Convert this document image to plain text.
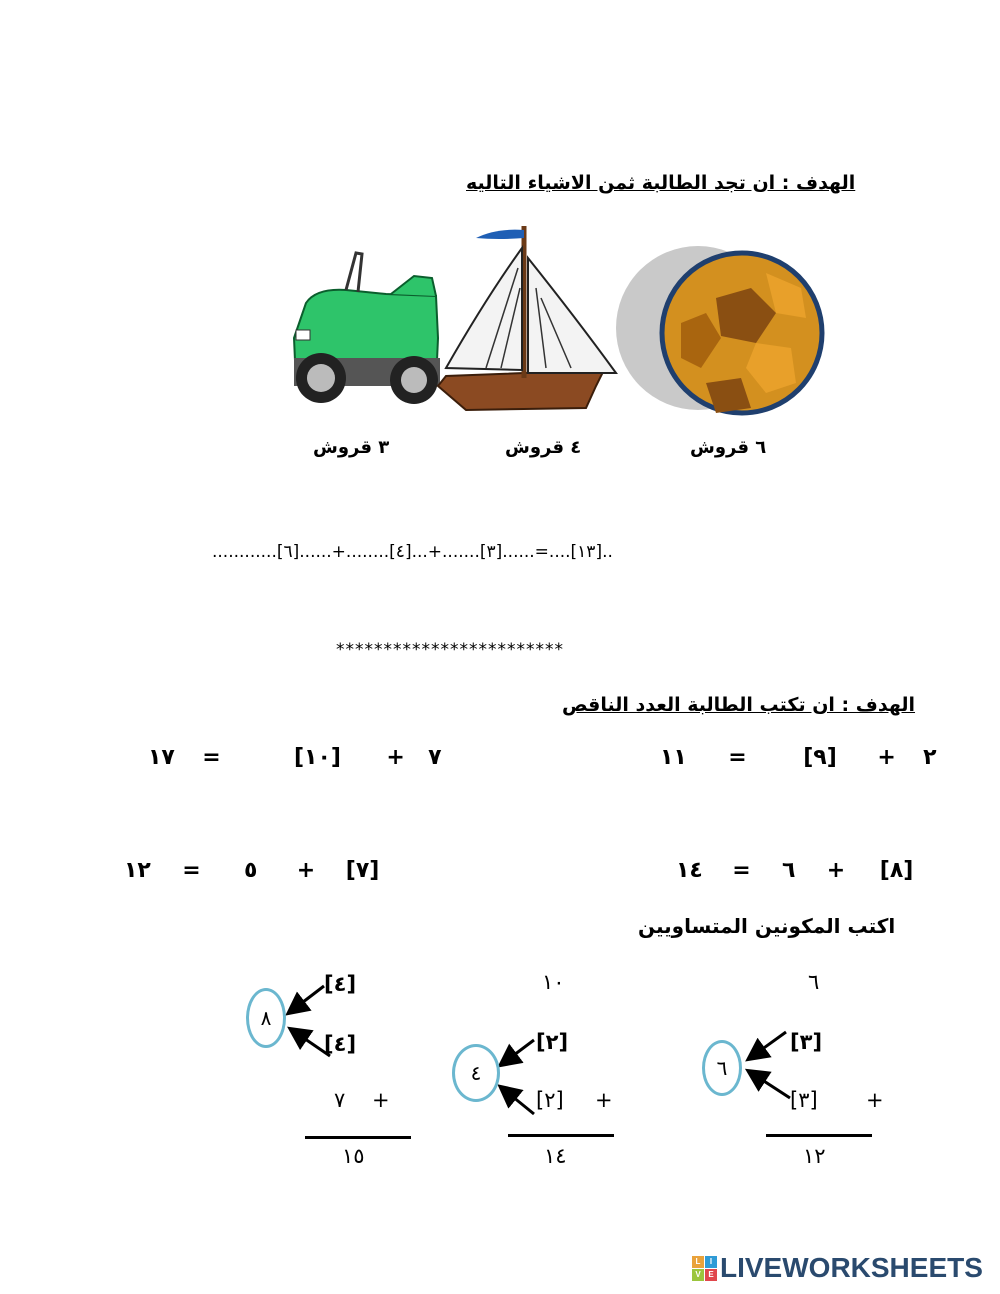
الهدف : ان تجد الطالبة ثمن الاشياء التاليه
٦ قروش
٤ قروش
٣ قروش
............[٦]......+........[٤]...+.......[٣]......=....[١٣]..
************************
الهدف : ان تكتب الطالبة العدد الناقص
١١ =	[٩] + ٢
١٧ =	[١٠] + ٧
١٤ = ٦ + [٨]
١٢ = ٥ + [٧]
اكتب المكونين المتساويين
٦
[٣]
[٣] +
٦
١٢
١٠
[٢]
[٢] +
٤
١٤
[٤]
[٤]
٧ +
٨
١٥
L	I
V E LIVEWORKSHEETS
